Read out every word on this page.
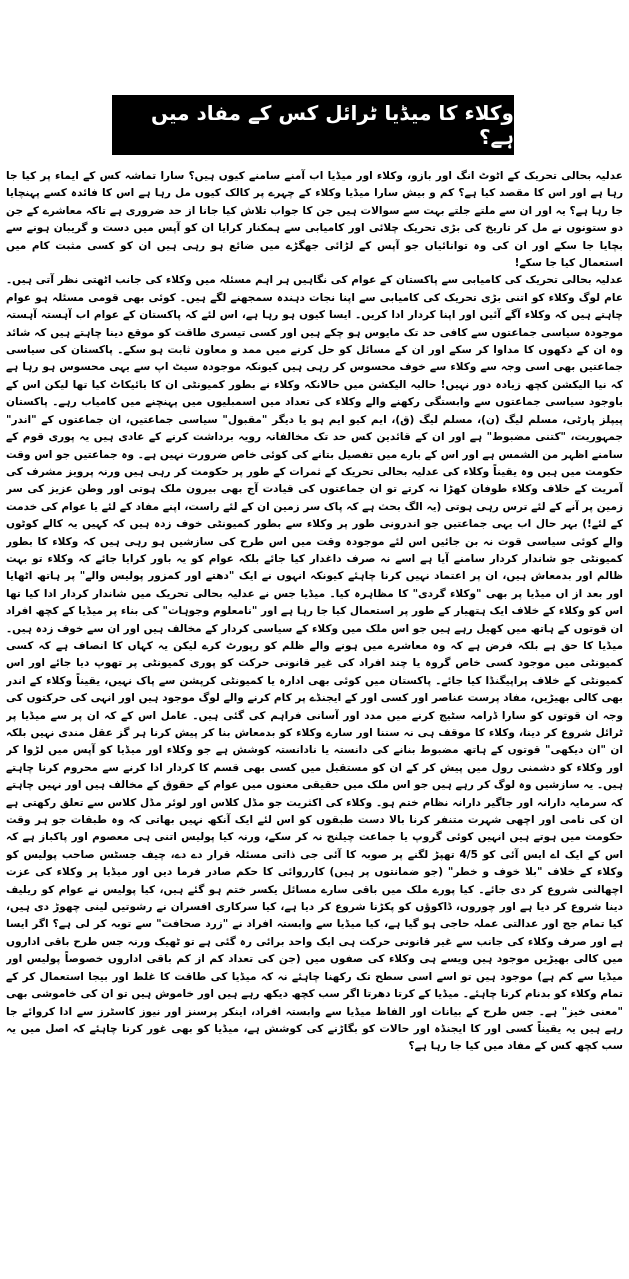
وکلاء کا میڈیا ٹرائل کس کے مفاد میں ہے؟

عدلیہ بحالی تحریک کے اٹوٹ انگ اور بازو، وکلاء اور میڈیا اب آمنے سامنے کیوں ہیں؟ سارا تماشہ کس کے ایماء پر کیا جا رہا ہے اور اس کا مقصد کیا ہے؟ کم و بیش سارا میڈیا وکلاء کے چہرے پر کالک کیوں مل رہا ہے اس کا فائدہ کسے پہنچایا جا رہا ہے؟ یہ اور ان سے ملتے جلتے بہت سے سوالات ہیں جن کا جواب تلاش کیا جانا از حد ضروری ہے تاکہ معاشرے کے جن دو ستونوں نے مل کر تاریخ کی بڑی تحریک چلائی اور کامیابی سے ہمکنار کرایا ان کو آپس میں دست و گریبان ہونے سے بچایا جا سکے اور ان کی وہ توانائیاں جو آپس کے لڑائی جھگڑے میں ضائع ہو رہی ہیں ان کو کسی مثبت کام میں استعمال کیا جا سکے!

عدلیہ بحالی تحریک کی کامیابی سے پاکستان کے عوام کی نگاہیں ہر اہم مسئلہ میں وکلاء کی جانب اٹھتی نظر آتی ہیں۔ عام لوگ وکلاء کو اتنی بڑی تحریک کی کامیابی سے اپنا نجات دہندہ سمجھنے لگے ہیں۔ کوئی بھی قومی مسئلہ ہو عوام چاہتے ہیں کہ وکلاء آگے آئیں اور اپنا کردار ادا کریں۔ ایسا کیوں ہو رہا ہے، اس لئے کہ پاکستان کے عوام اب آہستہ آہستہ موجودہ سیاسی جماعتوں سے کافی حد تک مایوس ہو چکے ہیں اور کسی تیسری طاقت کو موقع دینا چاہتے ہیں کہ شائد وہ ان کے دکھوں کا مداوا کر سکے اور ان کے مسائل کو حل کرنے میں ممد و معاون ثابت ہو سکے۔ پاکستان کی سیاسی جماعتیں بھی اسی وجہ سے وکلاء سے خوف محسوس کر رہی ہیں کیونکہ موجودہ سیٹ اپ سے یہی محسوس ہو رہا ہے کہ نیا الیکشن کچھ زیادہ دور نہیں! حالیہ الیکشن میں حالانکہ وکلاء نے بطور کمیونٹی ان کا بائیکاٹ کیا تھا لیکن اس کے باوجود سیاسی جماعتوں سے وابستگی رکھنے والے وکلاء کی تعداد میں اسمبلیوں میں پہنچنے میں کامیاب رہے۔ پاکستان پیپلز پارٹی، مسلم لیگ (ن)، مسلم لیگ (ق)، ایم کیو ایم ہو یا دیگر "مقبول" سیاسی جماعتیں، ان جماعتوں کے "اندر" جمہوریت، "کتنی مضبوط" ہے اور ان کے قائدین کس حد تک مخالفانہ رویہ برداشت کرنے کے عادی ہیں یہ پوری قوم کے سامنے اظہر من الشمس ہے اور اس کے بارے میں تفصیل بتانے کی کوئی خاص ضرورت نہیں ہے۔ وہ جماعتیں جو اس وقت حکومت میں ہیں وہ یقیناً وکلاء کی عدلیہ بحالی تحریک کے ثمرات کے طور پر حکومت کر رہی ہیں ورنہ پرویز مشرف کی آمریت کے خلاف وکلاء طوفان کھڑا نہ کرتے تو ان جماعتوں کی قیادت آج بھی بیرون ملک ہوتی اور وطن عزیز کی سر زمین پر آنے کے لئے ترس رہی ہوتی (یہ الگ بحث ہے کہ پاک سر زمین ان کے لئے راست، اپنے مفاد کے لئے یا عوام کی خدمت کے لئے!) بہر حال اب یہی جماعتیں جو اندرونی طور پر وکلاء سے بطور کمیونٹی خوف زدہ ہیں کہ کہیں یہ کالے کوٹوں والے کوئی سیاسی قوت نہ بن جائیں اس لئے موجودہ وقت میں اس طرح کی سازشیں ہو رہی ہیں کہ وکلاء کا بطور کمیونٹی جو شاندار کردار سامنے آیا ہے اسے نہ صرف داغدار کیا جائے بلکہ عوام کو یہ باور کرایا جائے کہ وکلاء تو بہت ظالم اور بدمعاش ہیں، ان پر اعتماد نہیں کرنا چاہئے کیونکہ انہوں نے ایک "دھتے اور کمزور پولیس والے" پر ہاتھ اٹھایا اور بعد از اں میڈیا پر بھی "وکلاء گردی" کا مظاہرہ کیا۔ میڈیا جس نے عدلیہ بحالی تحریک میں شاندار کردار ادا کیا تھا اس کو وکلاء کے خلاف ایک ہتھیار کے طور پر استعمال کیا جا رہا ہے اور "نامعلوم وجوہات" کی بناء پر میڈیا کے کچھ افراد ان قوتوں کے ہاتھ میں کھیل رہے ہیں جو اس ملک میں وکلاء کے سیاسی کردار کے مخالف ہیں اور ان سے خوف زدہ ہیں۔ میڈیا کا حق ہے بلکہ فرض ہے کہ وہ معاشرے میں ہونے والے ظلم کو رپورٹ کرے لیکن یہ کہاں کا انصاف ہے کہ کسی کمیونٹی میں موجود کسی خاص گروہ یا چند افراد کی غیر قانونی حرکت کو پوری کمیونٹی پر تھوپ دیا جائے اور اس کمیونٹی کے خلاف پراپیگنڈا کیا جائے۔ پاکستان میں کوئی بھی ادارہ یا کمیونٹی کرپشن سے پاک نہیں، یقیناً وکلاء کے اندر بھی کالی بھیڑیں، مفاد پرست عناصر اور کسی اور کے ایجنڈے پر کام کرنے والے لوگ موجود ہیں اور انہی کی حرکتوں کی وجہ ان قوتوں کو سارا ڈرامہ سٹیج کرنے میں مدد اور آسانی فراہم کی گئی ہیں۔ عامل اس کے کہ ان پر سے میڈیا پر ٹرائل شروع کر دینا، وکلاء کا موقف ہی نہ سننا اور سارے وکلاء کو بدمعاش بنا کر پیش کرنا ہر گز عقل مندی نہیں بلکہ ان "ان دیکھی" قوتوں کے ہاتھ مضبوط بنانے کی دانستہ یا نادانستہ کوشش ہے جو وکلاء اور میڈیا کو آپس میں لڑوا کر اور وکلاء کو دشمنی رول میں پیش کر کے ان کو مستقبل میں کسی بھی قسم کا کردار ادا کرنے سے محروم کرنا چاہتے ہیں۔ یہ سازشیں وہ لوگ کر رہے ہیں جو اس ملک میں حقیقی معنوں میں عوام کے حقوق کے مخالف ہیں اور نہیں چاہتے کہ سرمایہ دارانہ اور جاگیر دارانہ نظام ختم ہو۔ وکلاء کی اکثریت جو مڈل کلاس اور لوئر مڈل کلاس سے تعلق رکھتی ہے ان کی نامی اور اچھی شہرت متنفر کرنا بالا دست طبقوں کو اس لئے ایک آنکھ نہیں بھاتی کہ وہ طبقات جو ہر وقت حکومت میں ہوتے ہیں انہیں کوئی گروپ یا جماعت چیلنج نہ کر سکے، ورنہ کیا پولیس اتنی ہی معصوم اور پاکباز ہے کہ اس کے ایک اے ایس آئی کو 4/5 تھپڑ لگنے پر صوبہ کا آئی جی ذاتی مسئلہ قرار دے دے، چیف جسٹس صاحب پولیس کو وکلاء کے خلاف "بلا خوف و خطر" (جو ضمانتوں پر ہیں) کارروائی کا حکم صادر فرما دیں اور میڈیا پر وکلاء کی عزت اچھالنی شروع کر دی جائے۔ کیا پورے ملک میں باقی سارے مسائل یکسر ختم ہو گئے ہیں، کیا پولیس نے عوام کو ریلیف دینا شروع کر دیا ہے اور چوروں، ڈاکوؤں کو پکڑنا شروع کر دیا ہے، کیا سرکاری افسران نے رشوتیں لینی چھوڑ دی ہیں، کیا تمام جج اور عدالتی عملہ حاجی ہو گیا ہے، کیا میڈیا سے وابستہ افراد نے "زرد صحافت" سے توبہ کر لی ہے؟ اگر ایسا ہے اور صرف وکلاء کی جانب سے غیر قانونی حرکت ہی ایک واحد برائی رہ گئی ہے تو ٹھیک ورنہ جس طرح باقی اداروں میں کالی بھیڑیں موجود ہیں ویسے ہی وکلاء کی صفوں میں (جن کی تعداد کم از کم باقی اداروں خصوصاً پولیس اور میڈیا سے کم ہے) موجود ہیں تو اسے اسی سطح تک رکھنا چاہئے نہ کہ میڈیا کی طاقت کا غلط اور بیجا استعمال کر کے تمام وکلاء کو بدنام کرنا چاہئے۔ میڈیا کے کرتا دھرتا اگر سب کچھ دیکھ رہے ہیں اور خاموش ہیں تو ان کی خاموشی بھی "معنی خیز" ہے۔ جس طرح کے بیانات اور الفاظ میڈیا سے وابستہ افراد، اینکر پرسنز اور نیوز کاسٹرز سے ادا کروائے جا رہے ہیں یہ یقیناً کسی اور کا ایجنڈہ اور حالات کو بگاڑنے کی کوشش ہے، میڈیا کو بھی غور کرنا چاہئے کہ اصل میں یہ سب کچھ کس کے مفاد میں کیا جا رہا ہے؟
